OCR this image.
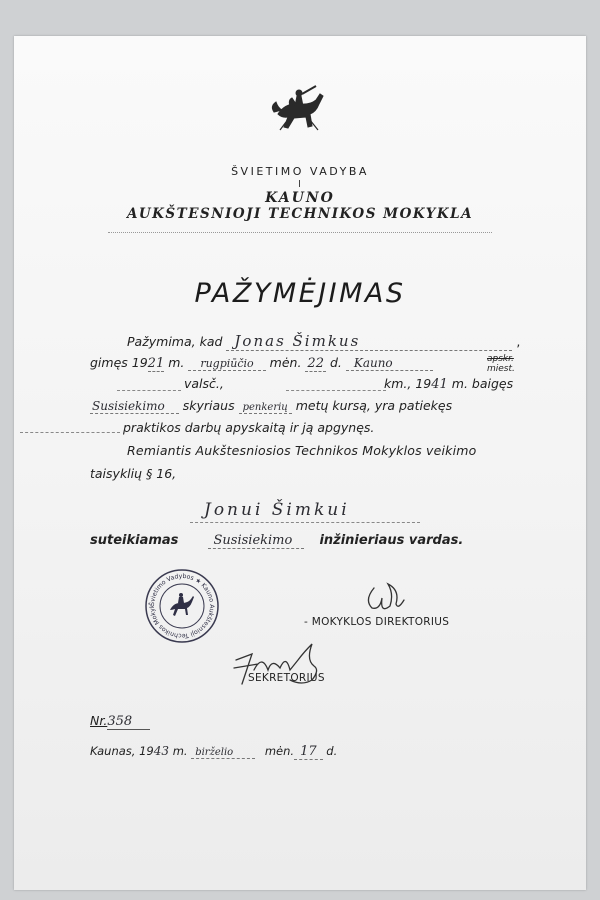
ŠVIETIMO VADYBA
KAUNO
AUKŠTESNIOJI TECHNIKOS MOKYKLA
PAŽYMĖJIMAS
Pažymima, kad Jonas Šimkus	,
gimęs 1921 m. rugpiūčio mėn. 22 d. Kauno	apskr.
miest.
valsč.,	km., 1941 m. baigęs
Susisiekimo skyriaus penkerių metų kursą, yra patiekęs
praktikos darbų apyskaitą ir ją apgynęs.
Remiantis Aukštesniosios Technikos Mokyklos veikimo
taisyklių § 16,
Jonui Šimkui
suteikiamas	Susisiekimo inžinieriaus vardas.
Švietimo Vadybos ★ Kauno Aukštesnioji Technikos Mokyk
- MOKYKLOS DIREKTORIUS
SEKRETORIUS
Nr.358
Kaunas, 1943 m. birželio	mėn. 17 d.
